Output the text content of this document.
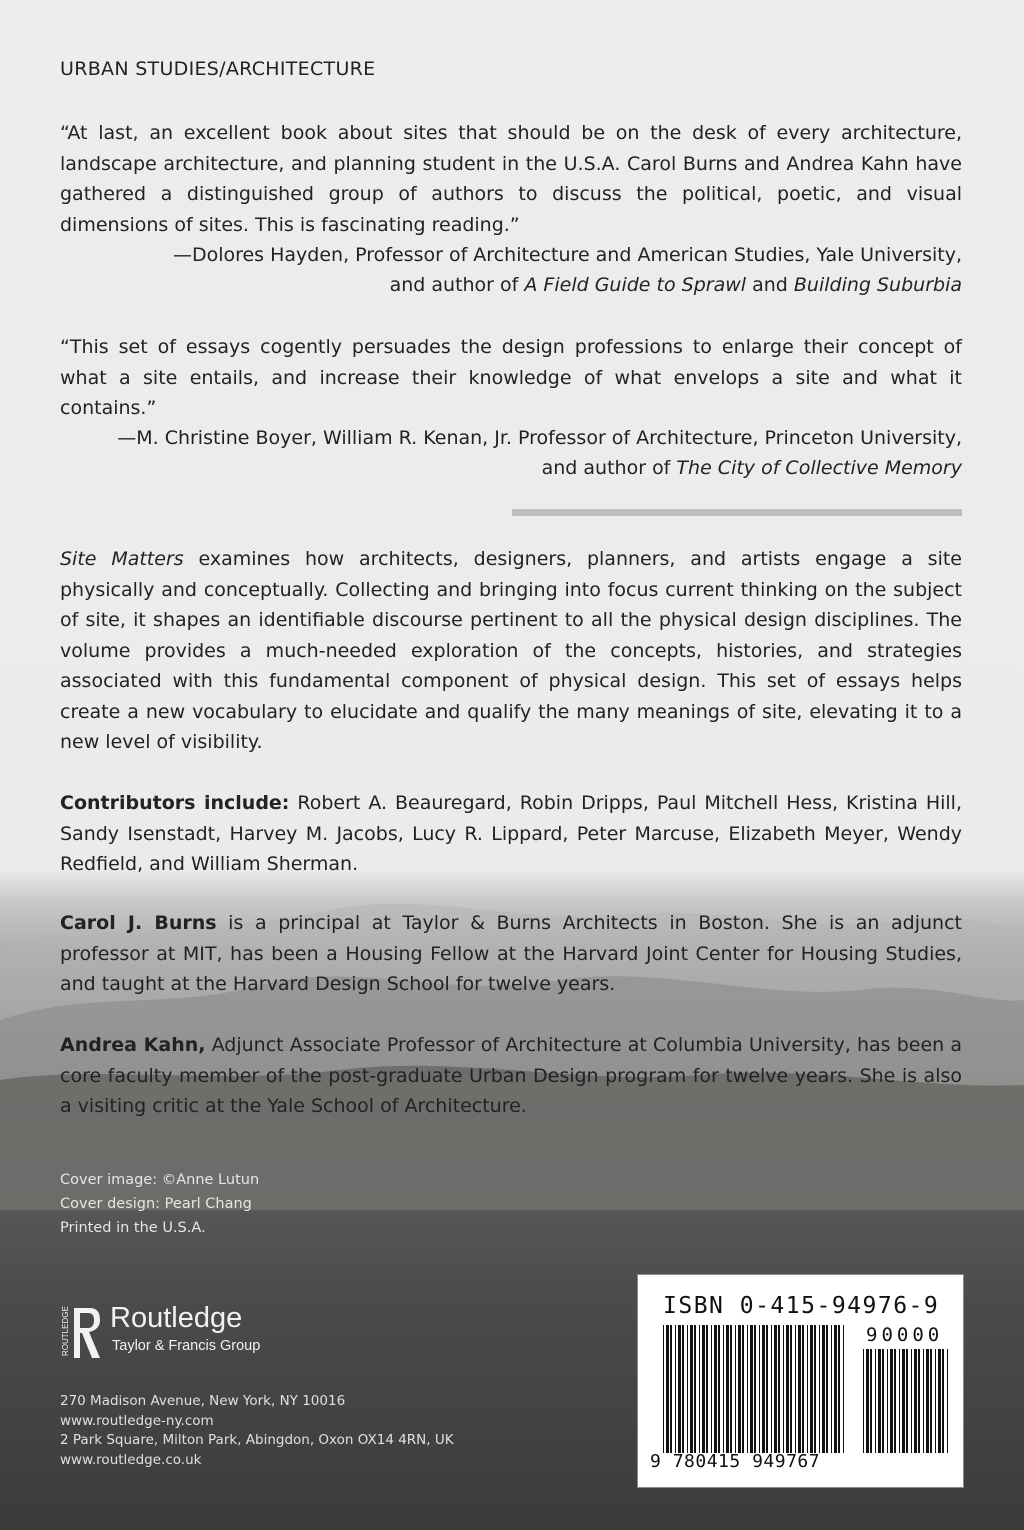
URBAN STUDIES/ARCHITECTURE

“At last, an excellent book about sites that should be on the desk of every architecture, landscape architecture, and planning student in the U.S.A. Carol Burns and Andrea Kahn have gathered a distinguished group of authors to discuss the political, poetic, and visual dimensions of sites. This is fascinating reading.”

—Dolores Hayden, Professor of Architecture and American Studies, Yale University,

and author of A Field Guide to Sprawl and Building Suburbia

“This set of essays cogently persuades the design professions to enlarge their concept of what a site entails, and increase their knowledge of what envelops a site and what it contains.”

—M. Christine Boyer, William R. Kenan, Jr. Professor of Architecture, Princeton University,

and author of The City of Collective Memory

Site Matters examines how architects, designers, planners, and artists engage a site physically and conceptually. Collecting and bringing into focus current thinking on the subject of site, it shapes an identifiable discourse pertinent to all the physical design disciplines. The volume provides a much-needed exploration of the concepts, histories, and strategies associated with this fundamental component of physical design. This set of essays helps create a new vocabulary to elucidate and qualify the many meanings of site, elevating it to a new level of visibility.

Contributors include: Robert A. Beauregard, Robin Dripps, Paul Mitchell Hess, Kristina Hill, Sandy Isenstadt, Harvey M. Jacobs, Lucy R. Lippard, Peter Marcuse, Elizabeth Meyer, Wendy Redfield, and William Sherman.

Carol J. Burns is a principal at Taylor & Burns Architects in Boston. She is an adjunct professor at MIT, has been a Housing Fellow at the Harvard Joint Center for Housing Studies, and taught at the Harvard Design School for twelve years.

Andrea Kahn, Adjunct Associate Professor of Architecture at Columbia University, has been a core faculty member of the post-graduate Urban Design program for twelve years. She is also a visiting critic at the Yale School of Architecture.

Cover image: ©Anne Lutun
Cover design: Pearl Chang
Printed in the U.S.A.

ROUTLEDGE Routledge
Taylor & Francis Group

270 Madison Avenue, New York, NY 10016
www.routledge-ny.com
2 Park Square, Milton Park, Abingdon, Oxon OX14 4RN, UK
www.routledge.co.uk

ISBN 0-415-94976-9
90000
9 780415 949767
